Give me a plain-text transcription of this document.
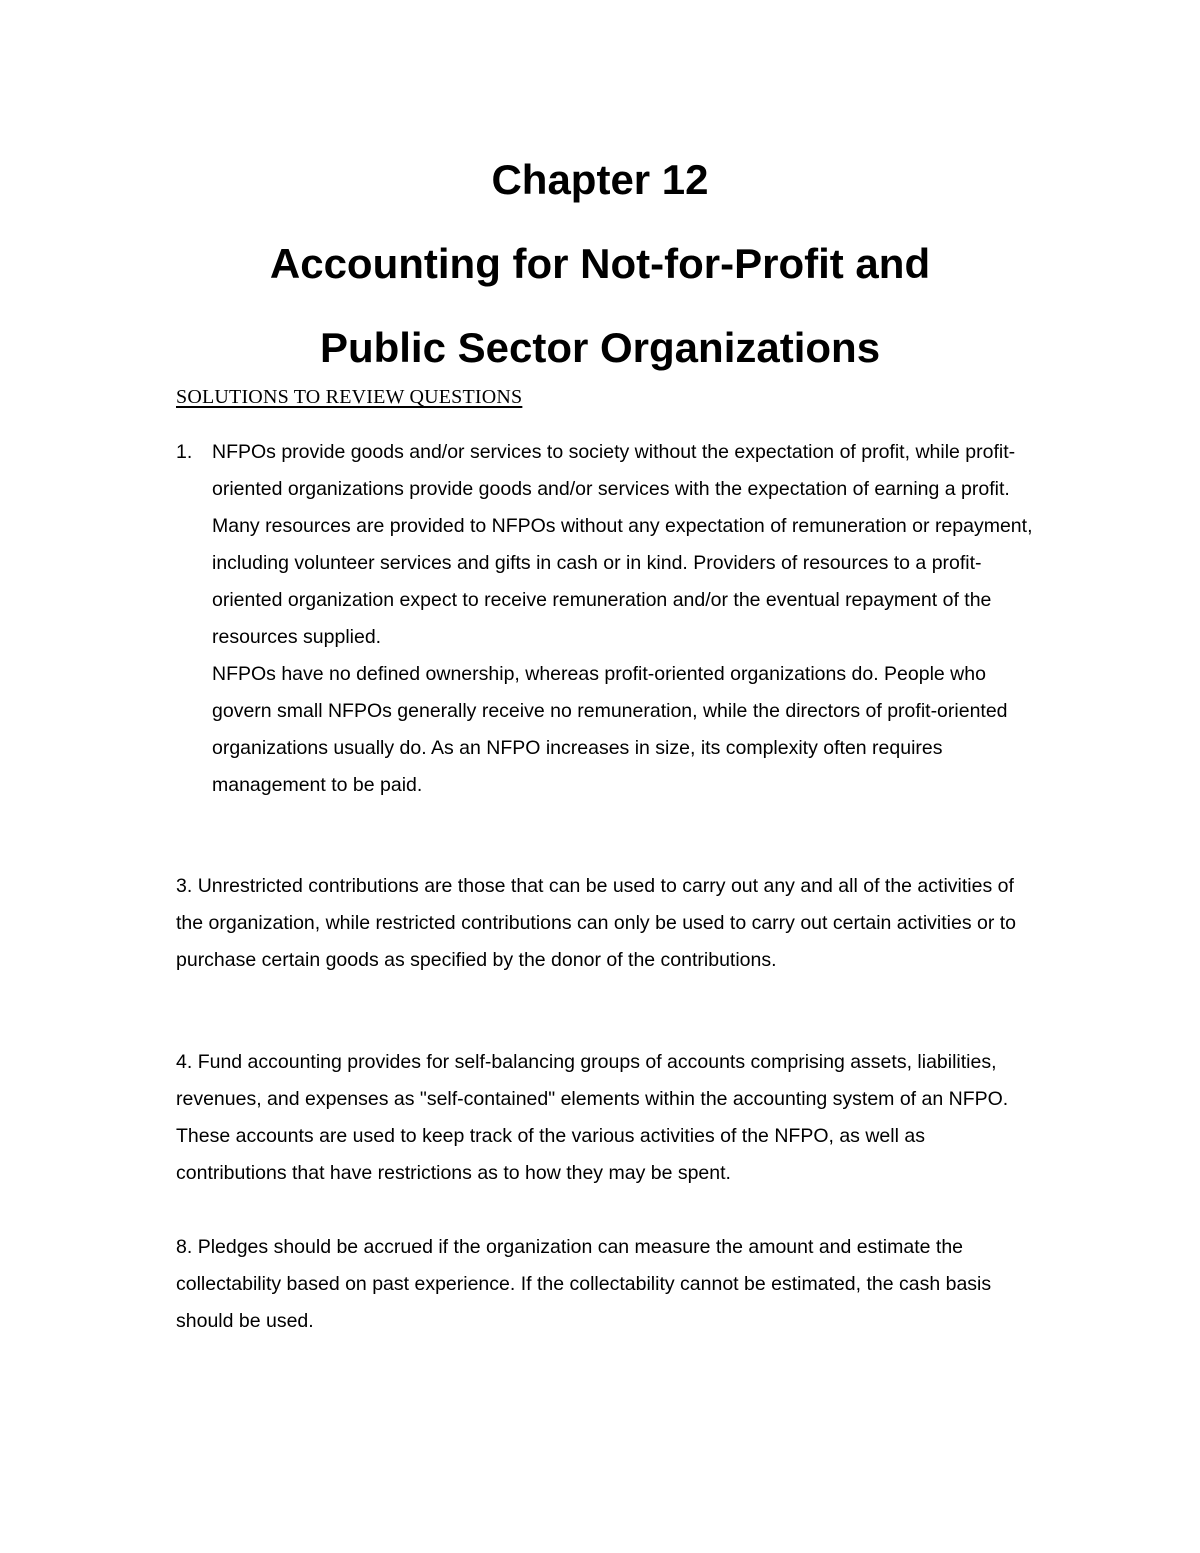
Chapter 12
Accounting for Not-for-Profit and
Public Sector Organizations
SOLUTIONS TO REVIEW QUESTIONS
1.	NFPOs provide goods and/or services to society without the expectation of profit, while profit-oriented organizations provide goods and/or services with the expectation of earning a profit.

Many resources are provided to NFPOs without any expectation of remuneration or repayment, including volunteer services and gifts in cash or in kind. Providers of resources to a profit-oriented organization expect to receive remuneration and/or the eventual repayment of the resources supplied.

NFPOs have no defined ownership, whereas profit-oriented organizations do. People who govern small NFPOs generally receive no remuneration, while the directors of profit-oriented organizations usually do. As an NFPO increases in size, its complexity often requires management to be paid.

3. Unrestricted contributions are those that can be used to carry out any and all of the activities of the organization, while restricted contributions can only be used to carry out certain activities or to purchase certain goods as specified by the donor of the contributions.

4. Fund accounting provides for self-balancing groups of accounts comprising assets, liabilities, revenues, and expenses as "self-contained" elements within the accounting system of an NFPO. These accounts are used to keep track of the various activities of the NFPO, as well as contributions that have restrictions as to how they may be spent.

8. Pledges should be accrued if the organization can measure the amount and estimate the collectability based on past experience. If the collectability cannot be estimated, the cash basis should be used.
